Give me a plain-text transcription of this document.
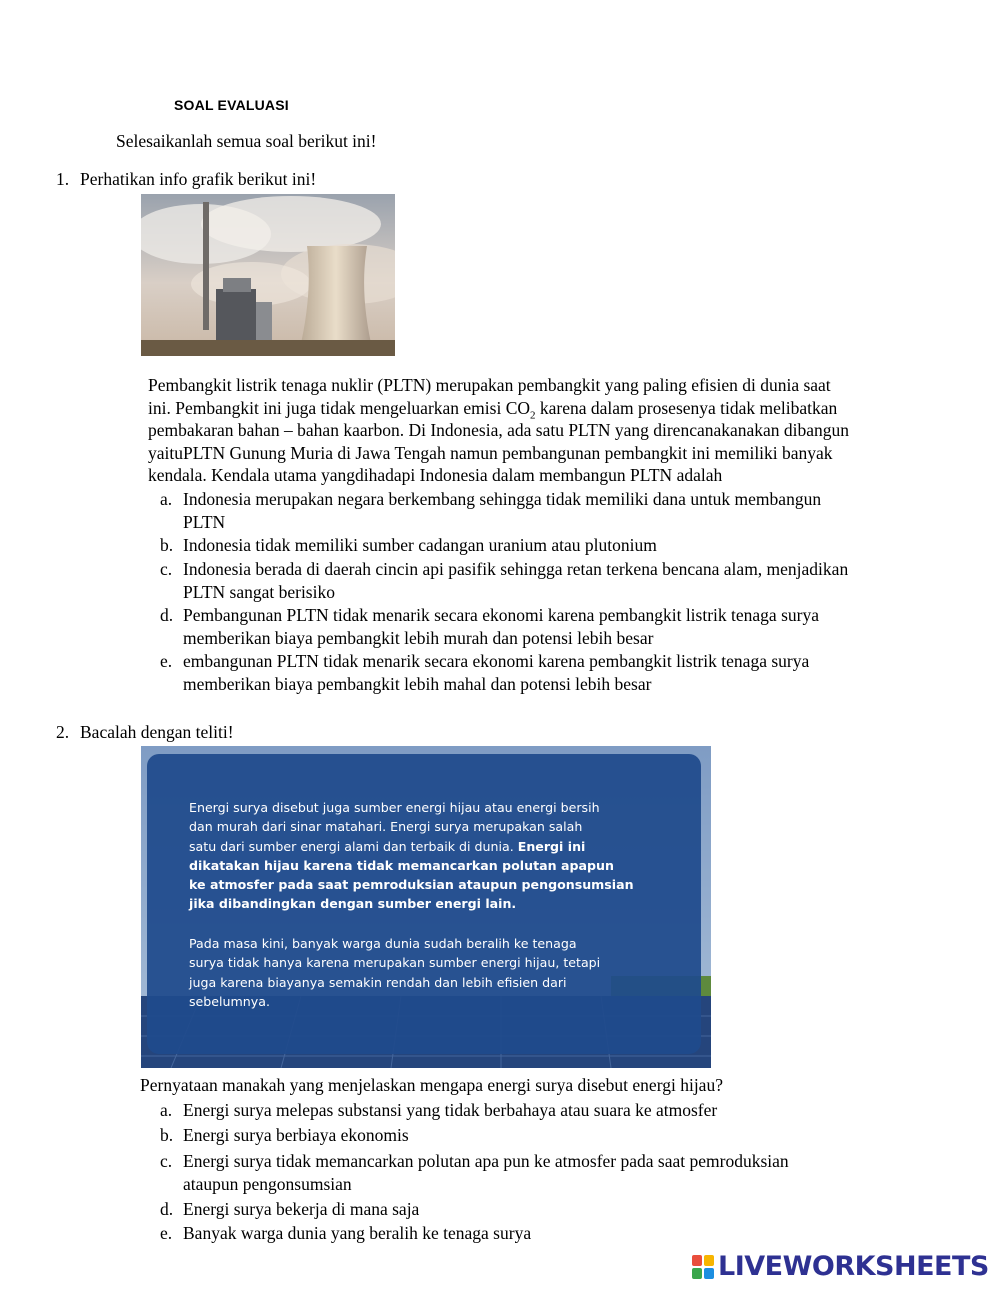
SOAL EVALUASI
Selesaikanlah semua soal berikut ini!
1. Perhatikan info grafik berikut ini!
Pembangkit listrik tenaga nuklir (PLTN) merupakan pembangkit yang paling efisien di dunia saat
ini. Pembangkit ini juga tidak mengeluarkan emisi $CO_2$ karena dalam prosesenya tidak melibatkan
pembakaran bahan – bahan kaarbon. Di Indonesia, ada satu PLTN yang direncanakanakan dibangun
yaituPLTN Gunung Muria di Jawa Tengah namun pembangunan pembangkit ini memiliki banyak
kendala. Kendala utama yangdihadapi Indonesia dalam membangun PLTN adalah
a. Indonesia merupakan negara berkembang sehingga tidak memiliki dana untuk membangun
PLTN
b. Indonesia tidak memiliki sumber cadangan uranium atau plutonium
c. Indonesia berada di daerah cincin api pasifik sehingga retan terkena bencana alam, menjadikan
PLTN sangat berisiko
d. Pembangunan PLTN tidak menarik secara ekonomi karena pembangkit listrik tenaga surya
memberikan biaya pembangkit lebih murah dan potensi lebih besar
e. embangunan PLTN tidak menarik secara ekonomi karena pembangkit listrik tenaga surya
memberikan biaya pembangkit lebih mahal dan potensi lebih besar
2. Bacalah dengan teliti!
Energi surya disebut juga sumber energi hijau atau energi bersih
dan murah dari sinar matahari. Energi surya merupakan salah
satu dari sumber energi alami dan terbaik di dunia. Energi ini
dikatakan hijau karena tidak memancarkan polutan apapun
ke atmosfer pada saat pemroduksian ataupun pengonsumsian
jika dibandingkan dengan sumber energi lain.
Pada masa kini, banyak warga dunia sudah beralih ke tenaga
surya tidak hanya karena merupakan sumber energi hijau, tetapi
juga karena biayanya semakin rendah dan lebih efisien dari
sebelumnya.
Pernyataan manakah yang menjelaskan mengapa energi surya disebut energi hijau?
a. Energi surya melepas substansi yang tidak berbahaya atau suara ke atmosfer
b. Energi surya berbiaya ekonomis
c. Energi surya tidak memancarkan polutan apa pun ke atmosfer pada saat pemroduksian
ataupun pengonsumsian
d. Energi surya bekerja di mana saja
e. Banyak warga dunia yang beralih ke tenaga surya
LIVEWORKSHEETS
